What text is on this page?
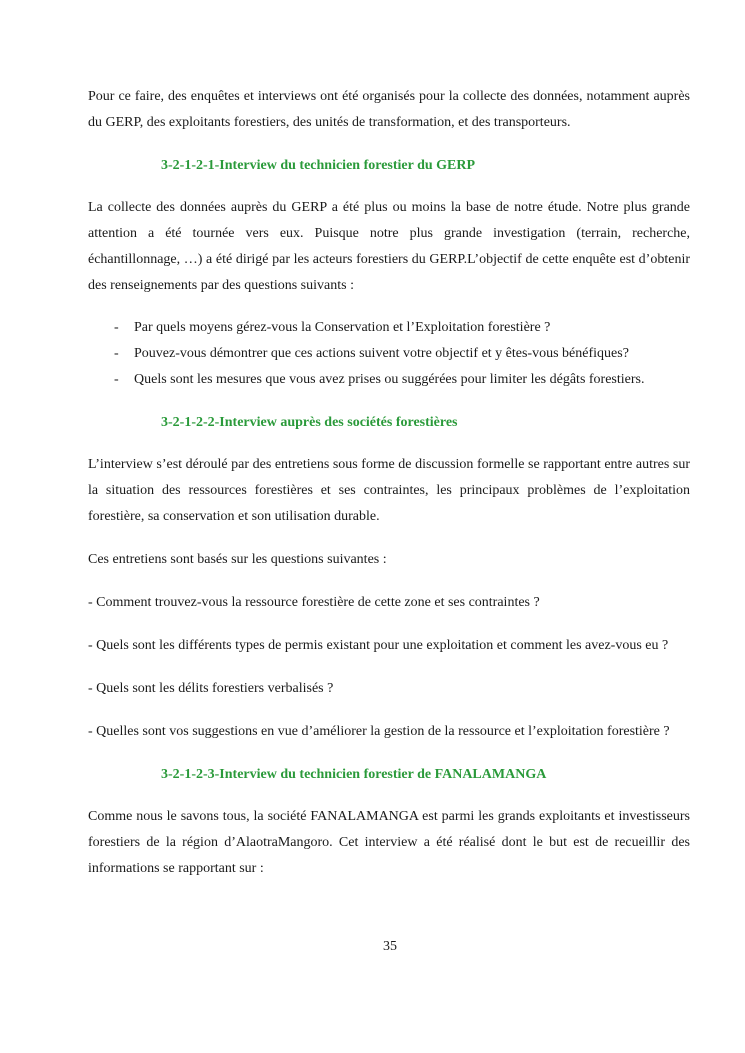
Pour ce faire, des enquêtes et interviews ont été organisés pour la collecte des données, notamment auprès du GERP, des exploitants forestiers, des unités de transformation, et des transporteurs.

3-2-1-2-1-Interview du technicien forestier du GERP

La collecte des données auprès du GERP a été plus ou moins la base de notre étude. Notre plus grande attention a été tournée vers eux. Puisque notre plus grande investigation (terrain, recherche, échantillonnage, …) a été dirigé par les acteurs forestiers du GERP.L’objectif de cette enquête est d’obtenir des renseignements par des questions suivants :

- Par quels moyens gérez-vous la Conservation et l’Exploitation forestière ?
- Pouvez-vous démontrer que ces actions suivent votre objectif et y êtes-vous bénéfiques?
- Quels sont les mesures que vous avez prises ou suggérées pour limiter les dégâts forestiers.

3-2-1-2-2-Interview auprès des sociétés forestières

L’interview s’est déroulé par des entretiens sous forme de discussion formelle se rapportant entre autres sur la situation des ressources forestières et ses contraintes, les principaux problèmes de l’exploitation forestière, sa conservation et son utilisation durable.

Ces entretiens sont basés sur les questions suivantes :

- Comment trouvez-vous la ressource forestière de cette zone et ses contraintes ?

- Quels sont les différents types de permis existant pour une exploitation et comment les avez-vous eu ?

- Quels sont les délits forestiers verbalisés ?

- Quelles sont vos suggestions en vue d’améliorer la gestion de la ressource et l’exploitation forestière ?

3-2-1-2-3-Interview du technicien forestier de FANALAMANGA

Comme nous le savons tous, la société FANALAMANGA est parmi les grands exploitants et investisseurs forestiers de la région d’AlaotraMangoro. Cet interview a été réalisé dont le but est de recueillir des informations se rapportant sur :

35
